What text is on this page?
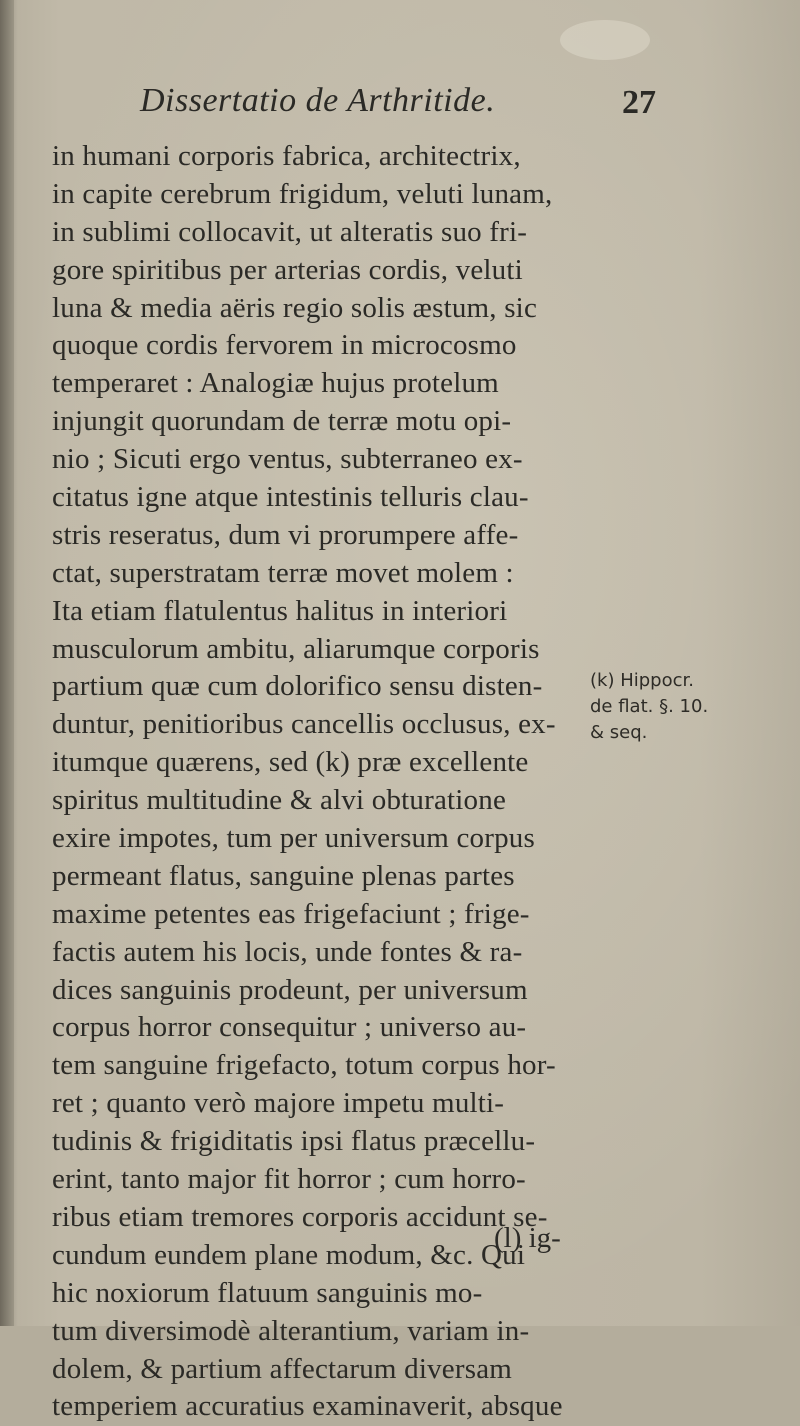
Dissertatio de Arthritide.	27
in humani corporis fabrica, architectrix,
in capite cerebrum frigidum, veluti lunam,
in sublimi collocavit, ut alteratis suo fri-
gore spiritibus per arterias cordis, veluti
luna & media aëris regio solis æstum, sic
quoque cordis fervorem in microcosmo
temperaret : Analogiæ hujus protelum
injungit quorundam de terræ motu opi-
nio ; Sicuti ergo ventus, subterraneo ex-
citatus igne atque intestinis telluris clau-
stris reseratus, dum vi prorumpere affe-
ctat, superstratam terræ movet molem :
Ita etiam flatulentus halitus in interiori
musculorum ambitu, aliarumque corporis
partium quæ cum dolorifico sensu disten-
duntur, penitioribus cancellis occlusus, ex-
itumque quærens, sed (k) præ excellente
spiritus multitudine & alvi obturatione
exire impotes, tum per universum corpus
permeant flatus, sanguine plenas partes
maxime petentes eas frigefaciunt ; frige-
factis autem his locis, unde fontes & ra-
dices sanguinis prodeunt, per universum
corpus horror consequitur ; universo au-
tem sanguine frigefacto, totum corpus hor-
ret ; quanto verò majore impetu multi-
tudinis & frigiditatis ipsi flatus præcellu-
erint, tanto major fit horror ; cum horro-
ribus etiam tremores corporis accidunt se-
cundum eundem plane modum, &c. Qui
hic noxiorum flatuum sanguinis mo-
tum diversimodè alterantium, variam in-
dolem, & partium affectarum diversam
temperiem accuratius examinaverit, absque
(l) ig-
(k) Hippocr.
de flat. §. 10.
& seq.
